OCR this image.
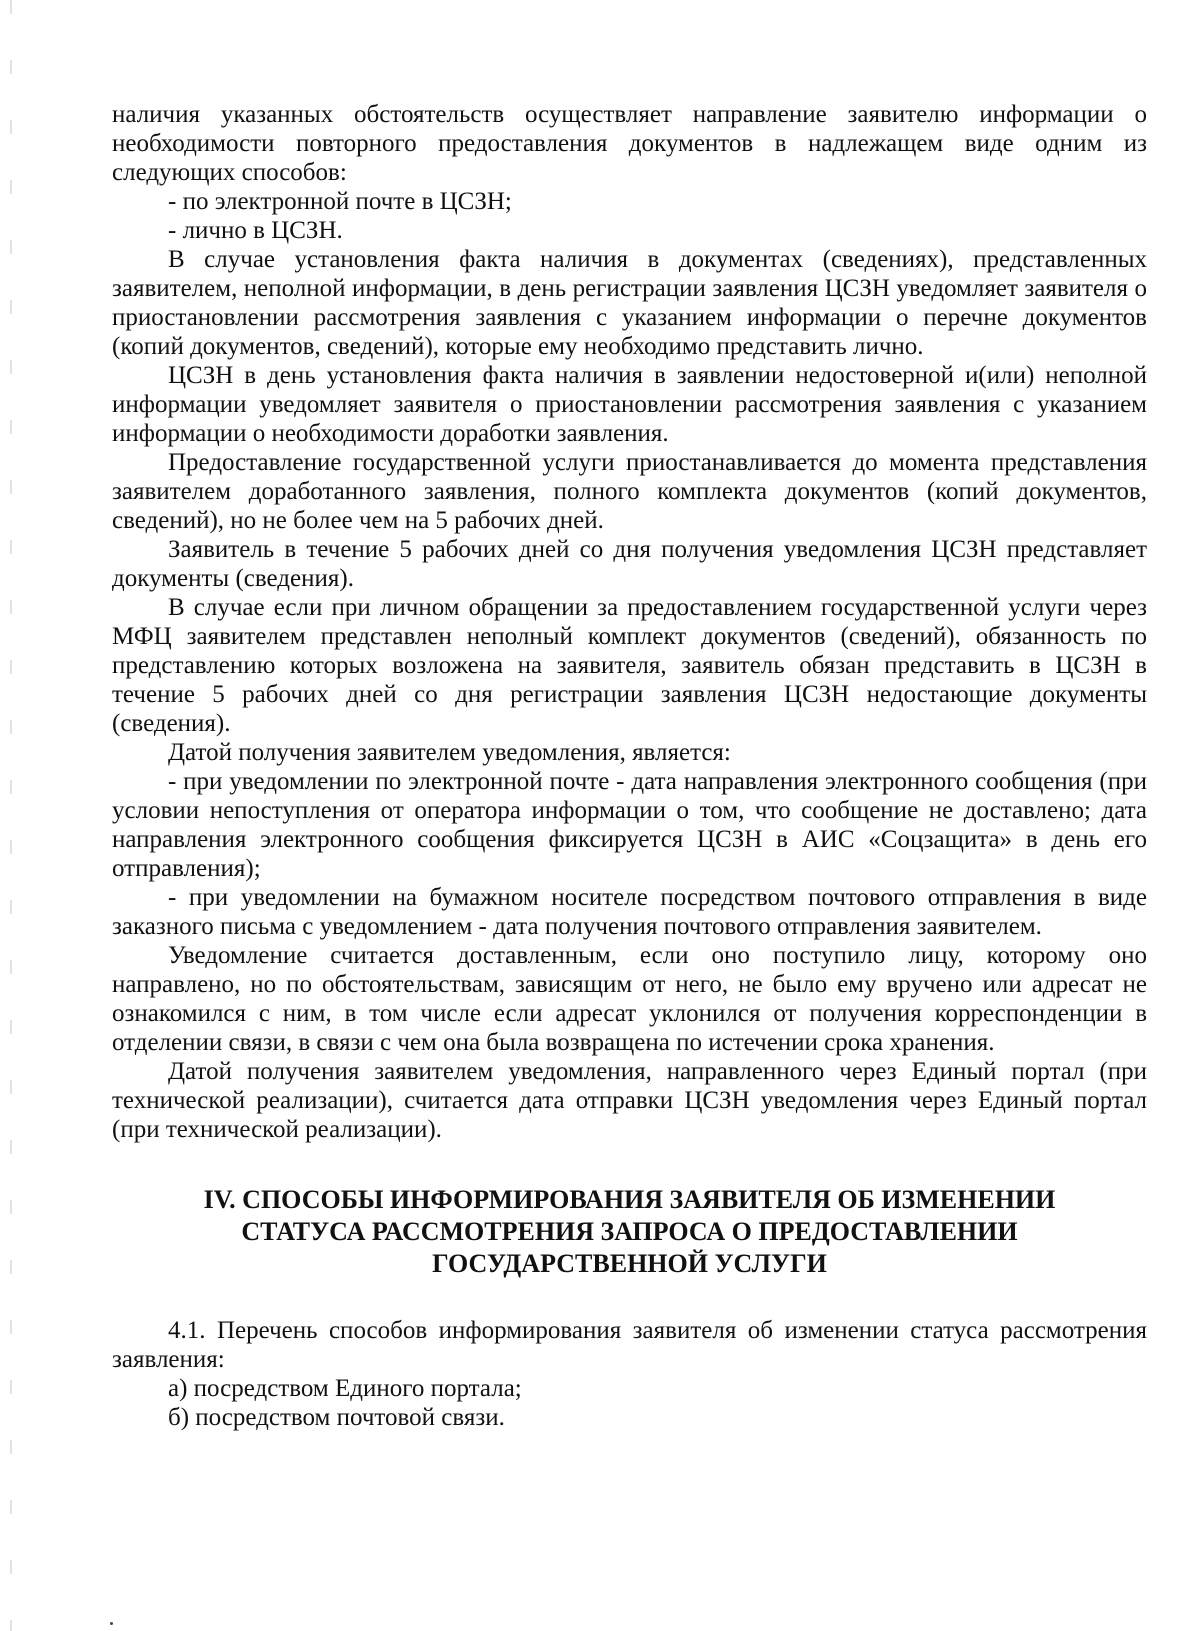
наличия указанных обстоятельств осуществляет направление заявителю информации о необходимости повторного предоставления документов в надлежащем виде одним из следующих способов:

- по электронной почте в ЦСЗН;

- лично в ЦСЗН.

В случае установления факта наличия в документах (сведениях), представленных заявителем, неполной информации, в день регистрации заявления ЦСЗН уведомляет заявителя о приостановлении рассмотрения заявления с указанием информации о перечне документов (копий документов, сведений), которые ему необходимо представить лично.

ЦСЗН в день установления факта наличия в заявлении недостоверной и(или) неполной информации уведомляет заявителя о приостановлении рассмотрения заявления с указанием информации о необходимости доработки заявления.

Предоставление государственной услуги приостанавливается до момента представления заявителем доработанного заявления, полного комплекта документов (копий документов, сведений), но не более чем на 5 рабочих дней.

Заявитель в течение 5 рабочих дней со дня получения уведомления ЦСЗН представляет документы (сведения).

В случае если при личном обращении за предоставлением государственной услуги через МФЦ заявителем представлен неполный комплект документов (сведений), обязанность по представлению которых возложена на заявителя, заявитель обязан представить в ЦСЗН в течение 5 рабочих дней со дня регистрации заявления ЦСЗН недостающие документы (сведения).

Датой получения заявителем уведомления, является:

- при уведомлении по электронной почте - дата направления электронного сообщения (при условии непоступления от оператора информации о том, что сообщение не доставлено; дата направления электронного сообщения фиксируется ЦСЗН в АИС «Соцзащита» в день его отправления);

- при уведомлении на бумажном носителе посредством почтового отправления в виде заказного письма с уведомлением - дата получения почтового отправления заявителем.

Уведомление считается доставленным, если оно поступило лицу, которому оно направлено, но по обстоятельствам, зависящим от него, не было ему вручено или адресат не ознакомился с ним, в том числе если адресат уклонился от получения корреспонденции в отделении связи, в связи с чем она была возвращена по истечении срока хранения.

Датой получения заявителем уведомления, направленного через Единый портал (при технической реализации), считается дата отправки ЦСЗН уведомления через Единый портал (при технической реализации).

IV. СПОСОБЫ ИНФОРМИРОВАНИЯ ЗАЯВИТЕЛЯ ОБ ИЗМЕНЕНИИ
СТАТУСА РАССМОТРЕНИЯ ЗАПРОСА О ПРЕДОСТАВЛЕНИИ
ГОСУДАРСТВЕННОЙ УСЛУГИ

4.1. Перечень способов информирования заявителя об изменении статуса рассмотрения заявления:

а) посредством Единого портала;

б) посредством почтовой связи.
